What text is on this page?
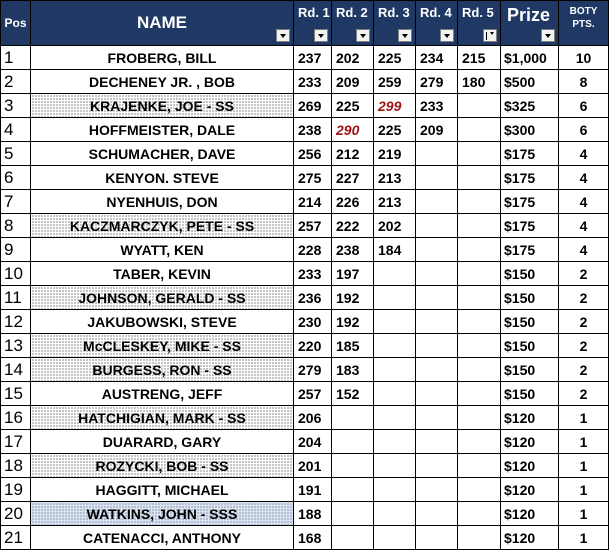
Pos	NAME	Rd. 1	Rd. 2	Rd. 3	Rd. 4	Rd. 5	Prize	BOTY
PTS.

1	FROBERG, BILL	237	202	225	234	215	$1,000	10
2	DECHENEY JR. , BOB	233	209	259	279	180	$500	8
3	KRAJENKE, JOE - SS	269	225	299	233		$325	6
4	HOFFMEISTER, DALE	238	290	225	209		$300	6
5	SCHUMACHER, DAVE	256	212	219			$175	4
6	KENYON. STEVE	275	227	213			$175	4
7	NYENHUIS, DON	214	226	213			$175	4
8	KACZMARCZYK, PETE - SS	257	222	202			$175	4
9	WYATT, KEN	228	238	184			$175	4
10	TABER, KEVIN	233	197				$150	2
11	JOHNSON, GERALD - SS	236	192				$150	2
12	JAKUBOWSKI, STEVE	230	192				$150	2
13	McCLESKEY, MIKE - SS	220	185				$150	2
14	BURGESS, RON - SS	279	183				$150	2
15	AUSTRENG, JEFF	257	152				$150	2
16	HATCHIGIAN, MARK - SS	206					$120	1
17	DUARARD, GARY	204					$120	1
18	ROZYCKI, BOB - SS	201					$120	1
19	HAGGITT, MICHAEL	191					$120	1
20	WATKINS, JOHN - SSS	188					$120	1
21	CATENACCI, ANTHONY	168					$120	1
